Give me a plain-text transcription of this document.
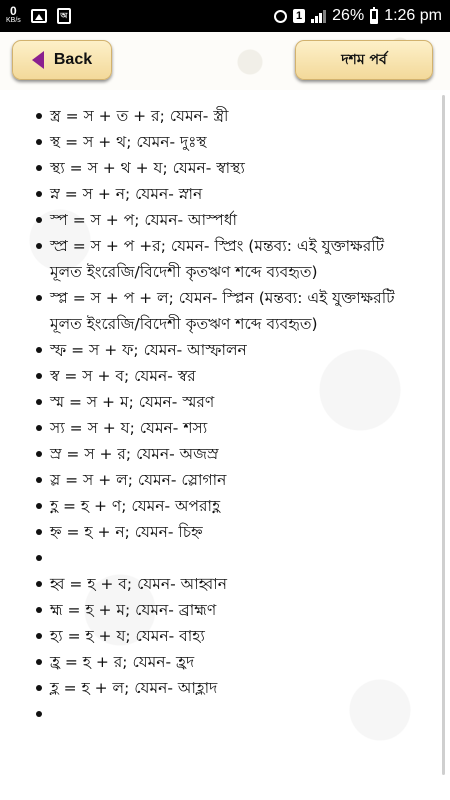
0
KB/s
অ	1 26% 1:26 pm
Back	দশম পর্ব
স্ত্র = স + ত + র; যেমন- স্ত্রী
স্থ = স + থ; যেমন- দুঃস্থ
স্থ্য = স + থ + য; যেমন- স্বাস্থ্য
স্ন = স + ন; যেমন- স্নান
স্প = স + প; যেমন- আস্পর্ধা
স্প্র = স + প +র; যেমন- স্প্রিং (মন্তব্য: এই যুক্তাক্ষরটি মূলত ইংরেজি/বিদেশী কৃতঋণ শব্দে ব্যবহৃত)
স্প্ল = স + প + ল; যেমন- স্প্লিন (মন্তব্য: এই যুক্তাক্ষরটি মূলত ইংরেজি/বিদেশী কৃতঋণ শব্দে ব্যবহৃত)
স্ফ = স + ফ; যেমন- আস্ফালন
স্ব = স + ব; যেমন- স্বর
স্ম = স + ম; যেমন- স্মরণ
স্য = স + য; যেমন- শস্য
স্র = স + র; যেমন- অজস্র
স্ল = স + ল; যেমন- স্লোগান
হ্ণ = হ + ণ; যেমন- অপরাহ্ণ
হ্ন = হ + ন; যেমন- চিহ্ন

হ্ব = হ + ব; যেমন- আহ্বান
হ্ম = হ + ম; যেমন- ব্রাহ্মণ
হ্য = হ + য; যেমন- বাহ্য
হ্র = হ + র; যেমন- হ্রদ
হ্ল = হ + ল; যেমন- আহ্লাদ
